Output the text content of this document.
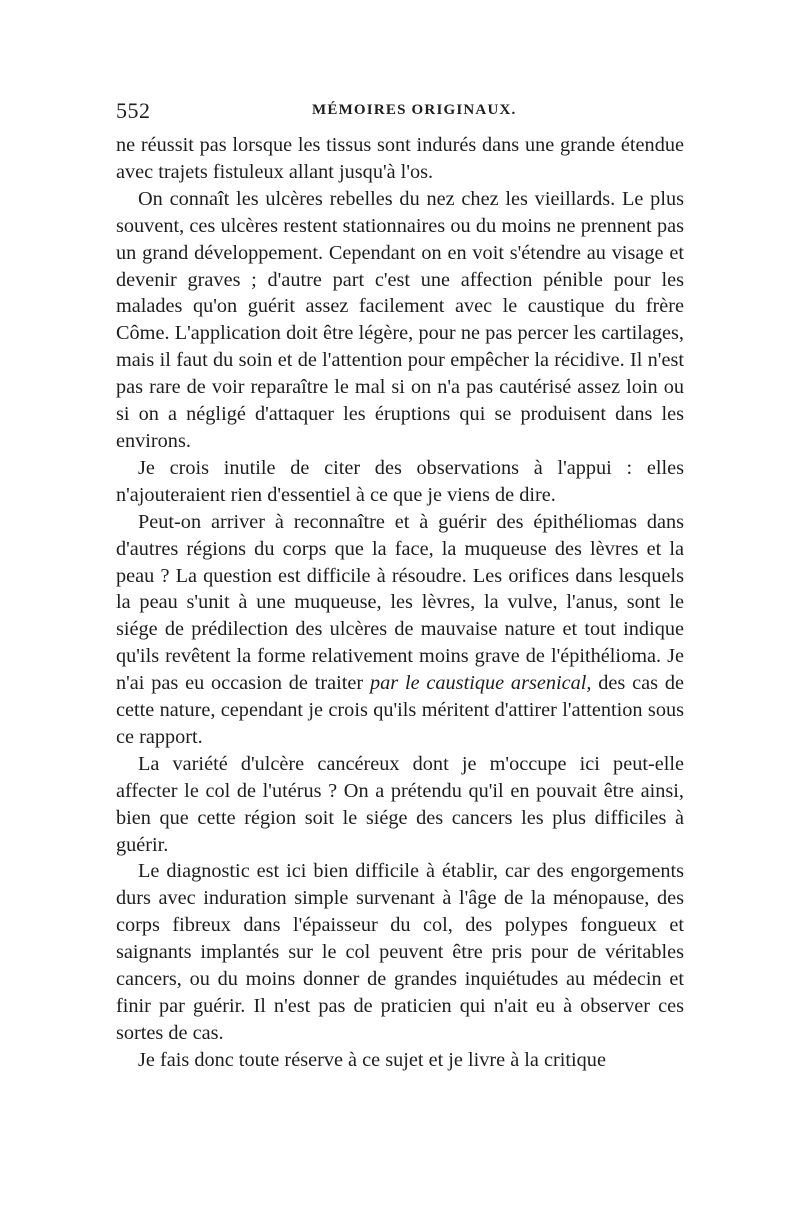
552	MÉMOIRES ORIGINAUX.

ne réussit pas lorsque les tissus sont indurés dans une grande étendue avec trajets fistuleux allant jusqu'à l'os.

On connaît les ulcères rebelles du nez chez les vieillards. Le plus souvent, ces ulcères restent stationnaires ou du moins ne prennent pas un grand développement. Cependant on en voit s'étendre au visage et devenir graves ; d'autre part c'est une affection pénible pour les malades qu'on guérit assez facilement avec le caustique du frère Côme. L'application doit être légère, pour ne pas percer les cartilages, mais il faut du soin et de l'attention pour empêcher la récidive. Il n'est pas rare de voir reparaître le mal si on n'a pas cautérisé assez loin ou si on a négligé d'attaquer les éruptions qui se produisent dans les environs.

Je crois inutile de citer des observations à l'appui : elles n'ajouteraient rien d'essentiel à ce que je viens de dire.

Peut-on arriver à reconnaître et à guérir des épithéliomas dans d'autres régions du corps que la face, la muqueuse des lèvres et la peau ? La question est difficile à résoudre. Les orifices dans lesquels la peau s'unit à une muqueuse, les lèvres, la vulve, l'anus, sont le siége de prédilection des ulcères de mauvaise nature et tout indique qu'ils revêtent la forme relativement moins grave de l'épithélioma. Je n'ai pas eu occasion de traiter par le caustique arsenical, des cas de cette nature, cependant je crois qu'ils méritent d'attirer l'attention sous ce rapport.

La variété d'ulcère cancéreux dont je m'occupe ici peut-elle affecter le col de l'utérus ? On a prétendu qu'il en pouvait être ainsi, bien que cette région soit le siége des cancers les plus difficiles à guérir.

Le diagnostic est ici bien difficile à établir, car des engorgements durs avec induration simple survenant à l'âge de la ménopause, des corps fibreux dans l'épaisseur du col, des polypes fongueux et saignants implantés sur le col peuvent être pris pour de véritables cancers, ou du moins donner de grandes inquiétudes au médecin et finir par guérir. Il n'est pas de praticien qui n'ait eu à observer ces sortes de cas.

Je fais donc toute réserve à ce sujet et je livre à la critique
